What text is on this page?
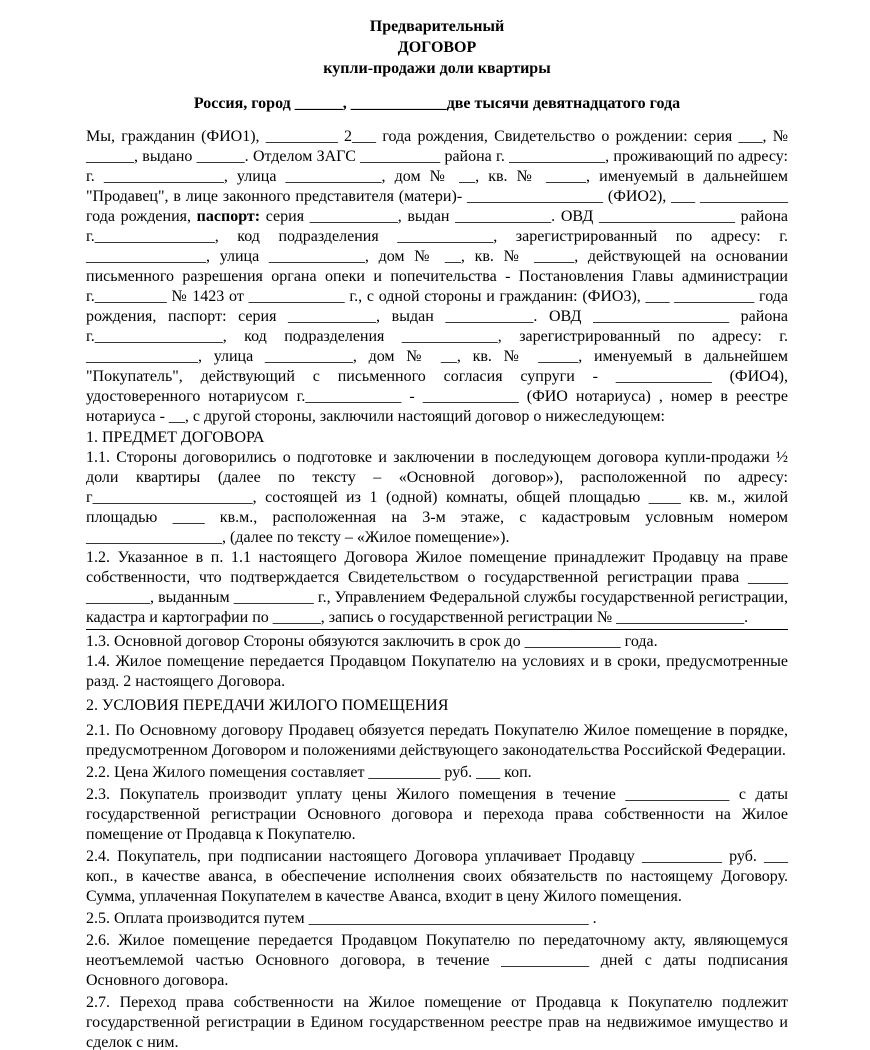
Предварительный
ДОГОВОР
купли-продажи доли квартиры
Россия, город ______, ____________две тысячи девятнадцатого года

Мы, гражданин (ФИО1), _________ 2___ года рождения, Свидетельство о рождении: серия ___, № ______, выдано ______. Отделом ЗАГС __________ района г. ____________, проживающий по адресу: г. _______________, улица ____________, дом № __, кв. № _____, именуемый в дальнейшем "Продавец", в лице законного представителя (матери)- _________________ (ФИО2), ___ ___________ года рождения, паспорт: серия ___________, выдан ____________. ОВД _________________ района г._______________, код подразделения ____________, зарегистрированный по адресу: г. _______________, улица ____________, дом № __, кв. № _____, действующей на основании письменного разрешения органа опеки и попечительства - Постановления Главы администрации г._________ № 1423 от ____________ г., с одной стороны и гражданин: (ФИО3), ___ __________ года рождения, паспорт: серия ___________, выдан ___________. ОВД _________________ района г.________________, код подразделения ____________, зарегистрированный по адресу: г. ______________, улица ___________, дом № __, кв. № _____, именуемый в дальнейшем "Покупатель", действующий с письменного согласия супруги - ____________ (ФИО4), удостоверенного нотариусом г.____________ - ____________ (ФИО нотариуса) , номер в реестре нотариуса - __, с другой стороны, заключили настоящий договор о нижеследующем:

1. ПРЕДМЕТ ДОГОВОРА

1.1. Стороны договорились о подготовке и заключении в последующем договора купли-продажи ½ доли квартиры (далее по тексту – «Основной договор»), расположенной по адресу: г____________________, состоящей из 1 (одной) комнаты, общей площадью ____ кв. м., жилой площадью ____ кв.м., расположенная на 3-м этаже, с кадастровым условным номером _________________, (далее по тексту – «Жилое помещение»).

1.2. Указанное в п. 1.1 настоящего Договора Жилое помещение принадлежит Продавцу на праве собственности, что подтверждается Свидетельством о государственной регистрации права _____ ________, выданным __________ г., Управлением Федеральной службы государственной регистрации, кадастра и картографии по ______, запись о государственной регистрации № ________________.

1.3. Основной договор Стороны обязуются заключить в срок до ____________ года.

1.4. Жилое помещение передается Продавцом Покупателю на условиях и в сроки, предусмотренные разд. 2 настоящего Договора.

2. УСЛОВИЯ ПЕРЕДАЧИ ЖИЛОГО ПОМЕЩЕНИЯ

2.1. По Основному договору Продавец обязуется передать Покупателю Жилое помещение в порядке, предусмотренном Договором и положениями действующего законодательства Российской Федерации.

2.2. Цена Жилого помещения составляет _________ руб. ___ коп.

2.3. Покупатель производит уплату цены Жилого помещения в течение _____________ с даты государственной регистрации Основного договора и перехода права собственности на Жилое помещение от Продавца к Покупателю.

2.4. Покупатель, при подписании настоящего Договора уплачивает Продавцу __________ руб. ___ коп., в качестве аванса, в обеспечение исполнения своих обязательств по настоящему Договору. Сумма, уплаченная Покупателем в качестве Аванса, входит в цену Жилого помещения.

2.5. Оплата производится путем ___________________________________ .

2.6. Жилое помещение передается Продавцом Покупателю по передаточному акту, являющемуся неотъемлемой частью Основного договора, в течение ___________ дней с даты подписания Основного договора.

2.7. Переход права собственности на Жилое помещение от Продавца к Покупателю подлежит государственной регистрации в Едином государственном реестре прав на недвижимое имущество и сделок с ним.
